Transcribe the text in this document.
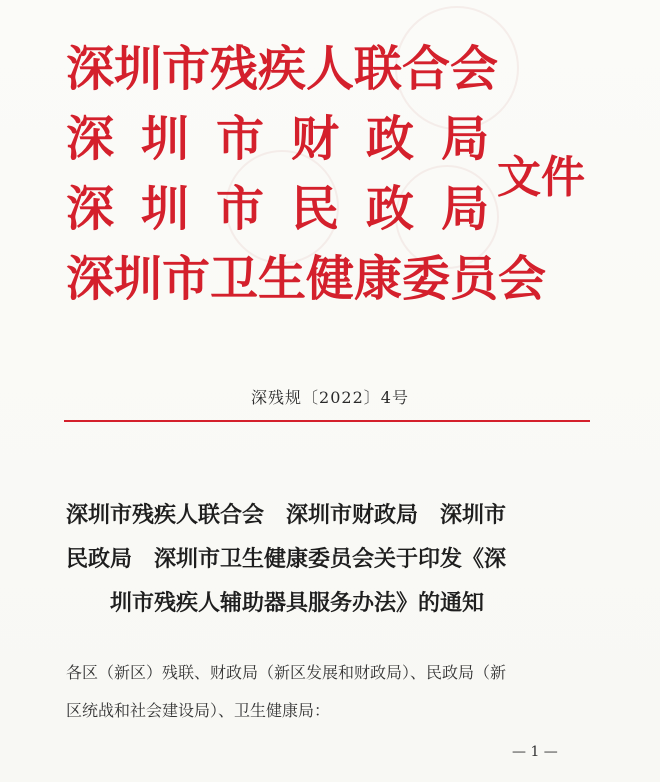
深圳市残疾人联合会
深圳市财政局
深圳市民政局
深圳市卫生健康委员会
文件
深残规〔2022〕4号
深圳市残疾人联合会　深圳市财政局　深圳市
民政局　深圳市卫生健康委员会关于印发《深
圳市残疾人辅助器具服务办法》的通知
各区（新区）残联、财政局（新区发展和财政局）、民政局（新
区统战和社会建设局）、卫生健康局：
— 1 —
